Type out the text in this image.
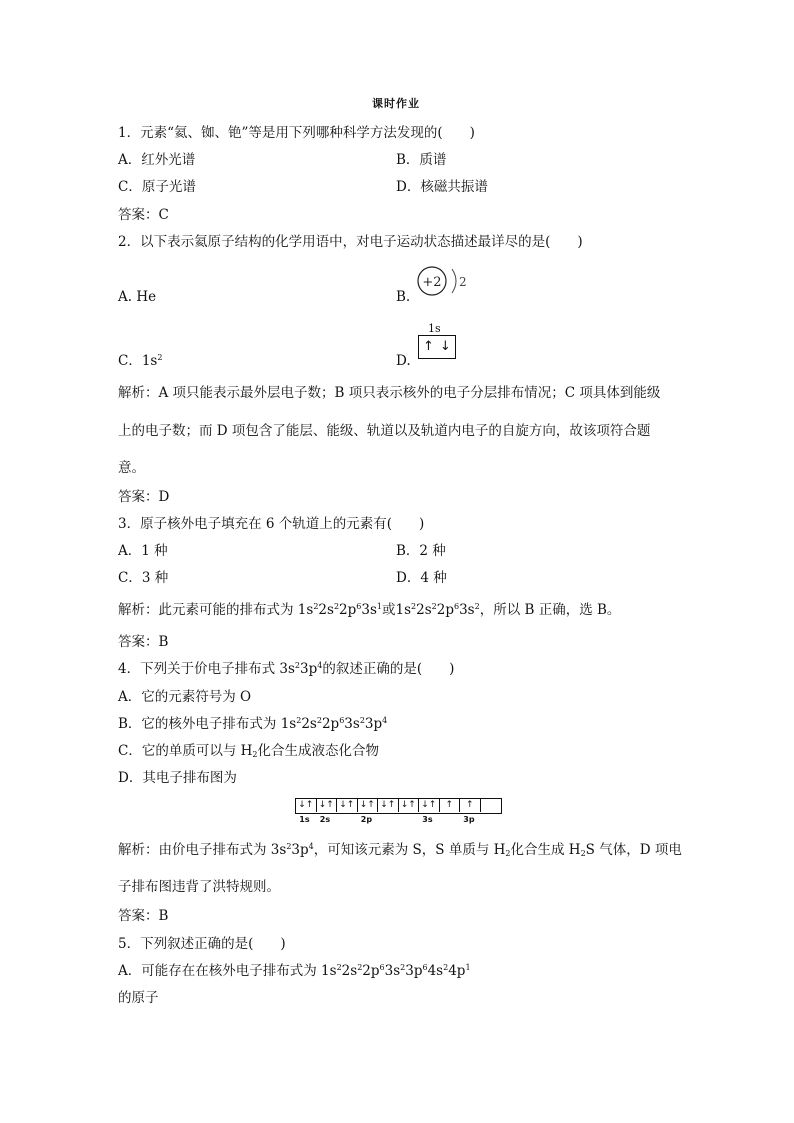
课时作业
1．元素“氦、铷、铯”等是用下列哪种科学方法发现的(　　)
A．红外光谱	B．质谱
C．原子光谱	D．核磁共振谱
答案：C
2．以下表示氦原子结构的化学用语中，对电子运动状态描述最详尽的是(　　)
A. He	B.
+2 2
C．$1s^2$	D.
1s
↑↓
解析：A 项只能表示最外层电子数；B 项只表示核外的电子分层排布情况；C 项具体到能级
上的电子数；而 D 项包含了能层、能级、轨道以及轨道内电子的自旋方向，故该项符合题
意。
答案：D
3．原子核外电子填充在 6 个轨道上的元素有(　　)
A．1 种	B．2 种
C．3 种	D．4 种
解析：此元素可能的排布式为 $1s^22s^22p^63s^1$或$1s^22s^22p^63s^2$，所以 B 正确，选 B。
答案：B
4．下列关于价电子排布式 $3s^23p^4$的叙述正确的是(　　)
A．它的元素符号为 O
B．它的核外电子排布式为 $1s^22s^22p^63s^23p^4$
C．它的单质可以与 $H_2$化合生成液态化合物
D．其电子排布图为
↓↑ ↓↑ ↓↑ ↓↑ ↓↑ ↓↑ ↓↑	↑	↑
1s 2s	2p	3s	3p
解析：由价电子排布式为 $3s^23p^4$，可知该元素为 S，S 单质与 $H_2$化合生成 $H_2S$ 气体，D 项电
子排布图违背了洪特规则。
答案：B
5．下列叙述正确的是(　　)
A．可能存在在核外电子排布式为 $1s^22s^22p^63s^23p^64s^24p^1$
的原子
